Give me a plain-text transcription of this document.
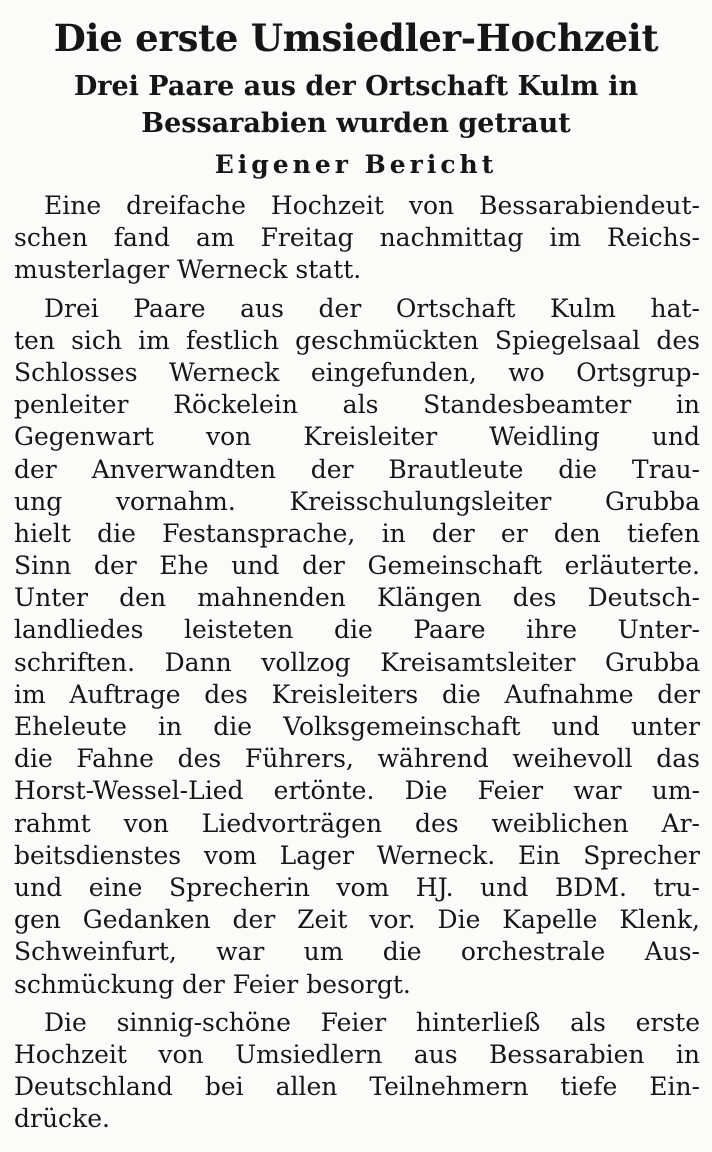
Die erste Umsiedler-Hochzeit
Drei Paare aus der Ortschaft Kulm in
Bessarabien wurden getraut
Eigener Bericht
Eine dreifache Hochzeit von Bessarabiendeut-
schen fand am Freitag nachmittag im Reichs-
musterlager Werneck statt.
Drei Paare aus der Ortschaft Kulm hat-
ten sich im festlich geschmückten Spiegelsaal des
Schlosses Werneck eingefunden, wo Ortsgrup-
penleiter Röckelein als Standesbeamter in
Gegenwart von Kreisleiter Weidling und
der Anverwandten der Brautleute die Trau-
ung vornahm. Kreisschulungsleiter Grubba
hielt die Festansprache, in der er den tiefen
Sinn der Ehe und der Gemeinschaft erläuterte.
Unter den mahnenden Klängen des Deutsch-
landliedes leisteten die Paare ihre Unter-
schriften. Dann vollzog Kreisamtsleiter Grubba
im Auftrage des Kreisleiters die Aufnahme der
Eheleute in die Volksgemeinschaft und unter
die Fahne des Führers, während weihevoll das
Horst-Wessel-Lied ertönte. Die Feier war um-
rahmt von Liedvorträgen des weiblichen Ar-
beitsdienstes vom Lager Werneck. Ein Sprecher
und eine Sprecherin vom HJ. und BDM. tru-
gen Gedanken der Zeit vor. Die Kapelle Klenk,
Schweinfurt, war um die orchestrale Aus-
schmückung der Feier besorgt.
Die sinnig-schöne Feier hinterließ als erste
Hochzeit von Umsiedlern aus Bessarabien in
Deutschland bei allen Teilnehmern tiefe Ein-
drücke.
